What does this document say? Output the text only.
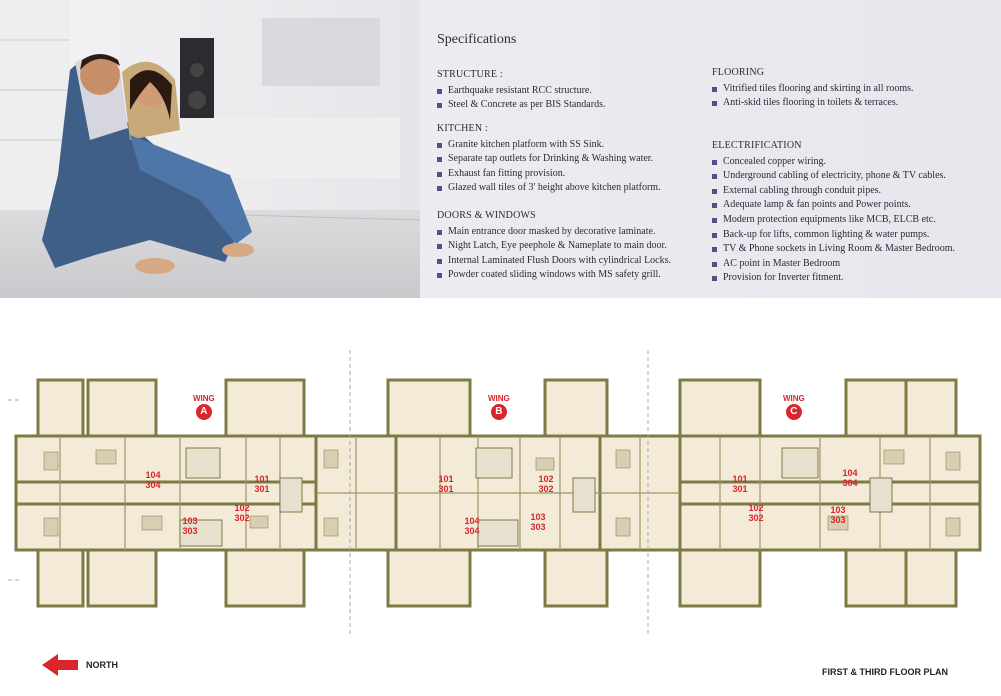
Specifications
STRUCTURE :
Earthquake resistant RCC structure.
Steel & Concrete as per BIS Standards.
KITCHEN :
Granite kitchen platform with SS Sink.
Separate tap outlets for Drinking & Washing water.
Exhaust fan fitting provision.
Glazed wall tiles of 3' height above kitchen platform.
DOORS & WINDOWS
Main entrance door masked by decorative laminate.
Night Latch, Eye peephole & Nameplate to main door.
Internal Laminated Flush Doors with cylindrical Locks.
Powder coated sliding windows with MS safety grill.
FLOORING
Vitrified tiles flooring and skirting in all rooms.
Anti-skid tiles flooring in toilets & terraces.
ELECTRIFICATION
Concealed copper wiring.
Underground cabling of electricity, phone & TV cables.
External cabling through conduit pipes.
Adequate lamp & fan points and Power points.
Modern protection equipments like MCB, ELCB etc.
Back-up for lifts, common lighting & water pumps.
TV & Phone sockets in Living Room & Master Bedroom.
AC point in Master Bedroom
Provision for Inverter fitment.
WING
A
WING
B
WING
C
104 304
101 301
102 302
103 303
101 301
102 302
103 303
104 304
101 301
102 302
103 303
104 304
NORTH
FIRST & THIRD FLOOR PLAN
